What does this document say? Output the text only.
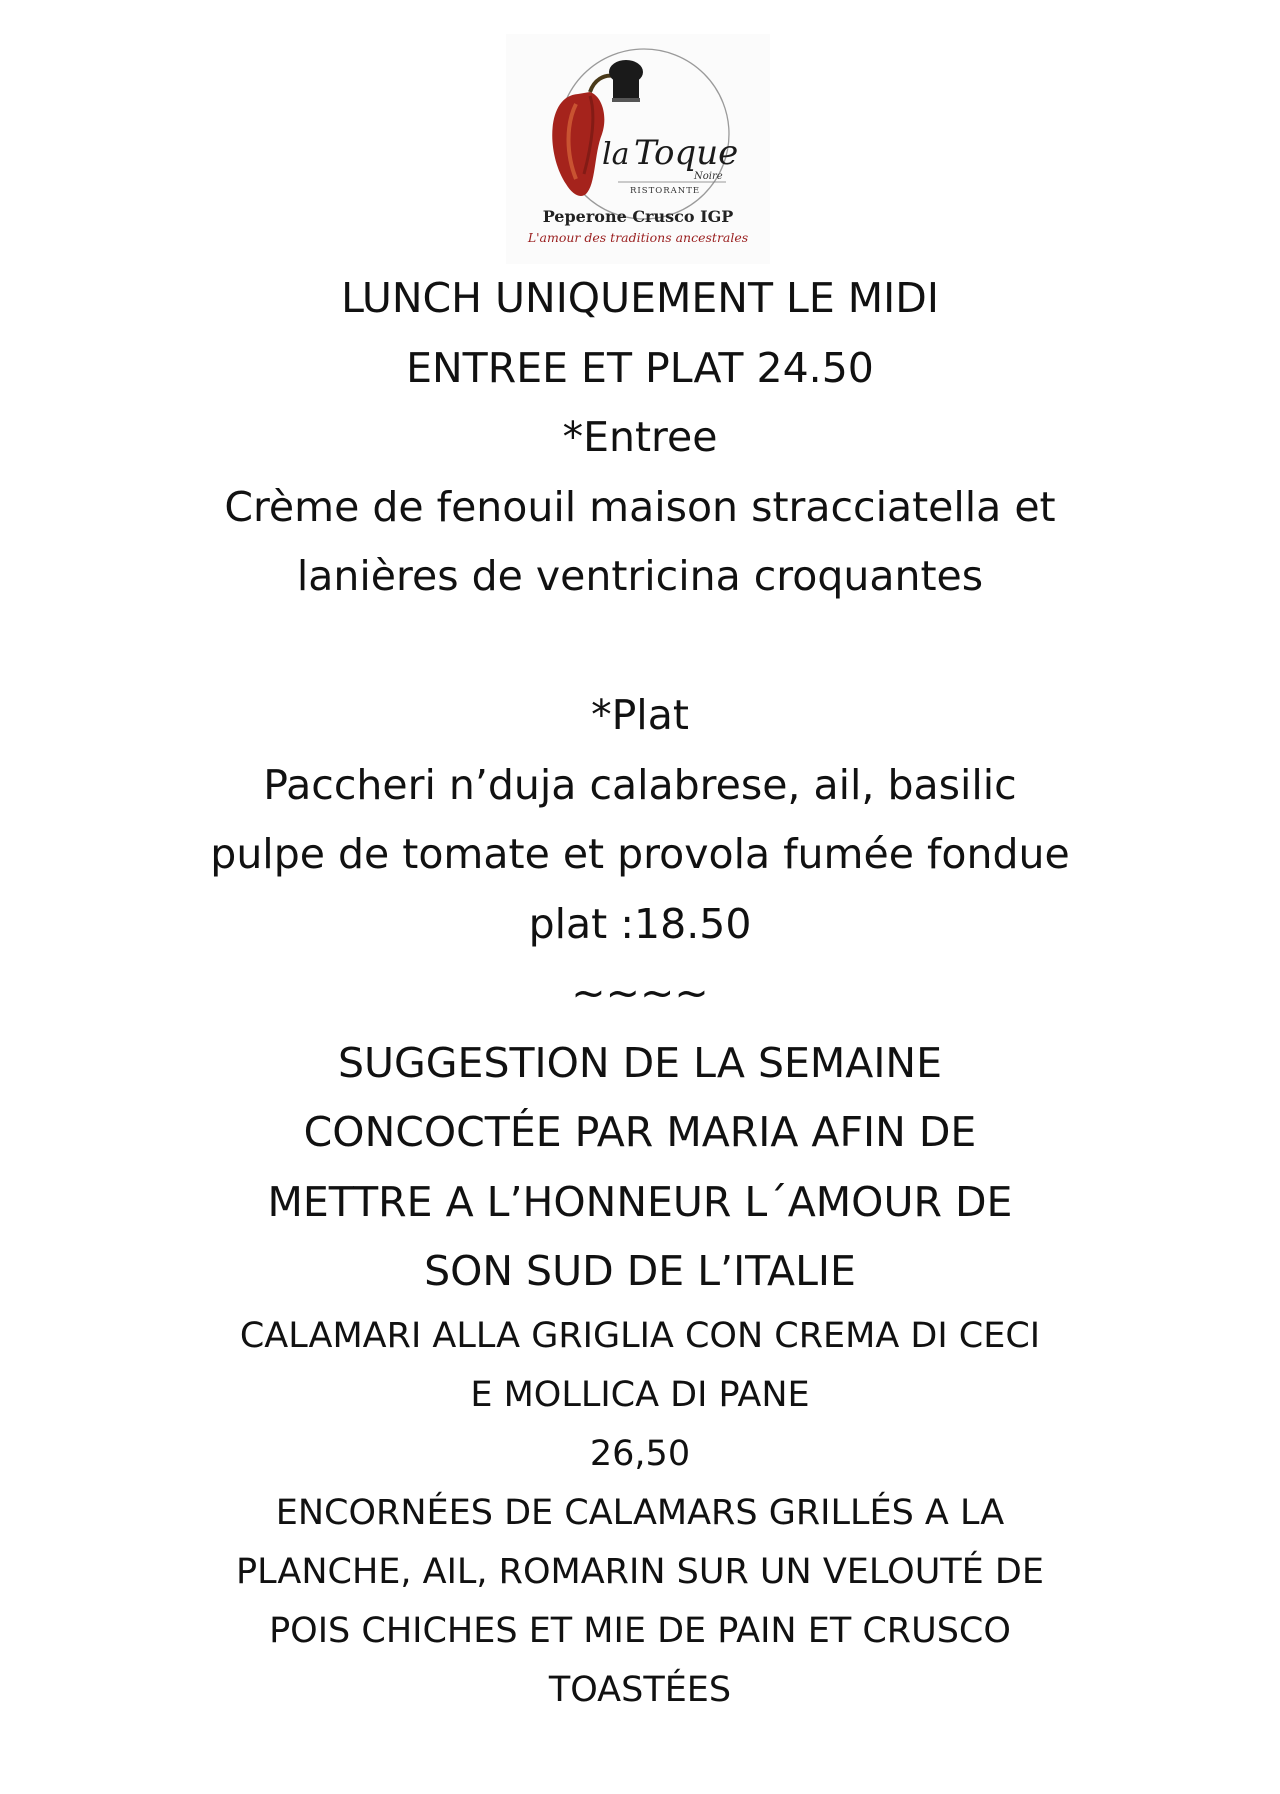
la Toque
Noire
RISTORANTE
Peperone Crusco IGP
L'amour des traditions ancestrales
LUNCH UNIQUEMENT LE MIDI
ENTREE ET PLAT 24.50
*Entree
Crème de fenouil maison stracciatella et
lanières de ventricina croquantes
*Plat
Paccheri n’duja calabrese, ail, basilic
pulpe de tomate et provola fumée fondue
plat :18.50
~~~~
SUGGESTION DE LA SEMAINE
CONCOCTÉE PAR MARIA AFIN DE
METTRE A L’HONNEUR L´AMOUR DE
SON SUD DE L’ITALIE
CALAMARI ALLA GRIGLIA CON CREMA DI CECI
E MOLLICA DI PANE
26,50
ENCORNÉES DE CALAMARS GRILLÉS A LA
PLANCHE, AIL, ROMARIN SUR UN VELOUTÉ DE
POIS CHICHES ET MIE DE PAIN ET CRUSCO
TOASTÉES
